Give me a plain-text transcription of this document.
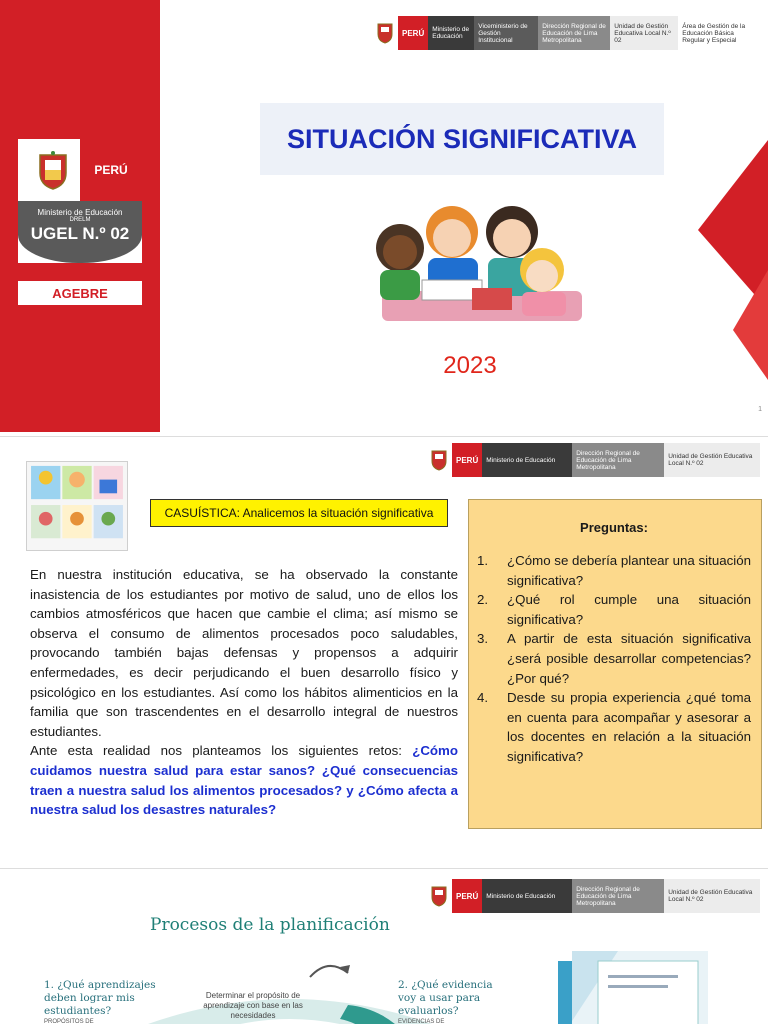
PERÚ
Ministerio de Educación
DRELM
UGEL N.º 02
AGEBRE
PERÚ	Ministerio de Educación
Viceministerio de Gestión Institucional
Dirección Regional de Educación de Lima Metropolitana
Unidad de Gestión Educativa Local N.º 02
Área de Gestión de la Educación Básica Regular y Especial
SITUACIÓN SIGNIFICATIVA
2023
1
PERÚ	Ministerio de Educación
Dirección Regional de Educación de Lima Metropolitana
Unidad de Gestión Educativa Local N.º 02
CASUÍSTICA: Analicemos la situación significativa

En nuestra institución educativa, se ha observado la constante inasistencia de los estudiantes por motivo de salud, uno de ellos los cambios atmosféricos que hacen que cambie el clima; así mismo se observa el consumo de alimentos procesados poco saludables, provocando también bajas defensas y propensos a adquirir enfermedades, es decir perjudicando el buen desarrollo físico y psicológico en los estudiantes. Así como los hábitos alimenticios en la familia que son trascendentes en el desarrollo integral de nuestros estudiantes.

Ante esta realidad nos planteamos los siguientes retos: ¿Cómo cuidamos nuestra salud para estar sanos? ¿Qué consecuencias traen a nuestra salud los alimentos procesados? y ¿Cómo afecta a nuestra salud los desastres naturales?

Preguntas:
1.	¿Cómo se debería plantear una situación significativa?
2.	¿Qué rol cumple una situación significativa?
3.	A partir de esta situación significativa ¿será posible desarrollar competencias? ¿Por qué?
4.	Desde su propia experiencia ¿qué toma en cuenta para acompañar y asesorar a los docentes en relación a la situación significativa?
PERÚ	Ministerio de Educación
Dirección Regional de Educación de Lima Metropolitana
Unidad de Gestión Educativa Local N.º 02
Procesos de la planificación
1. ¿Qué aprendizajes deben lograr mis estudiantes?
2. ¿Qué evidencia voy a usar para evaluarlos?
Determinar el propósito de aprendizaje con base en las necesidades
PROPÓSITOS DE	EVIDENCIAS DE
